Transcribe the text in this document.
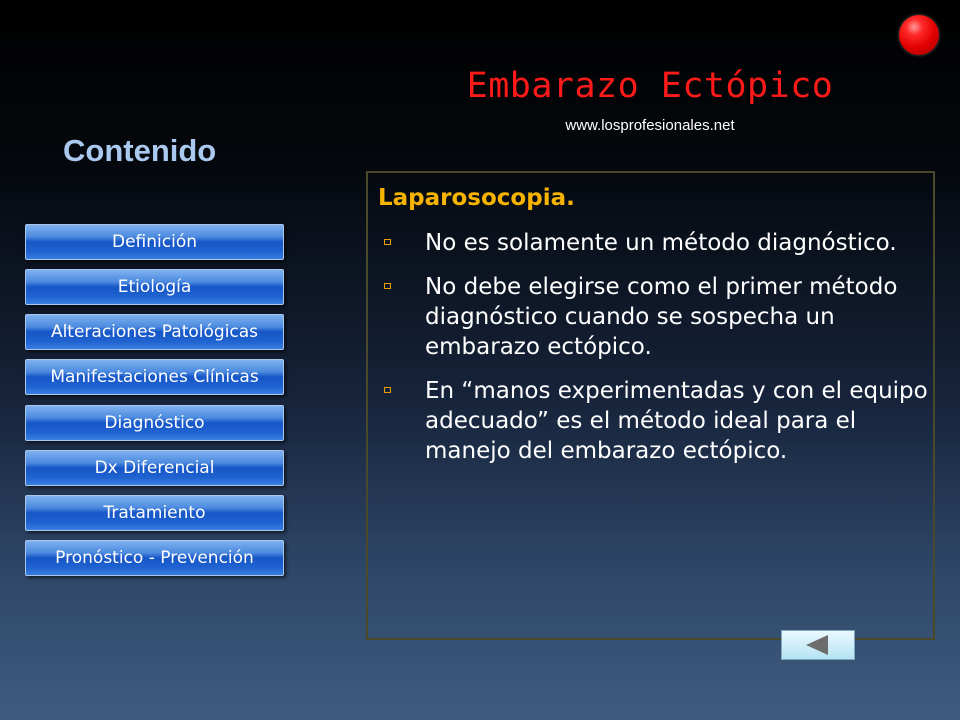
Embarazo Ectópico
www.losprofesionales.net
Contenido
Definición
Etiología
Alteraciones Patológicas
Manifestaciones Clínicas
Diagnóstico
Dx Diferencial
Tratamiento
Pronóstico - Prevención
Laparosocopia.
No es solamente un método diagnóstico.
No debe elegirse como el primer método diagnóstico cuando se sospecha un embarazo ectópico.
En “manos experimentadas y con el equipo adecuado” es el método ideal para el manejo del embarazo ectópico.
